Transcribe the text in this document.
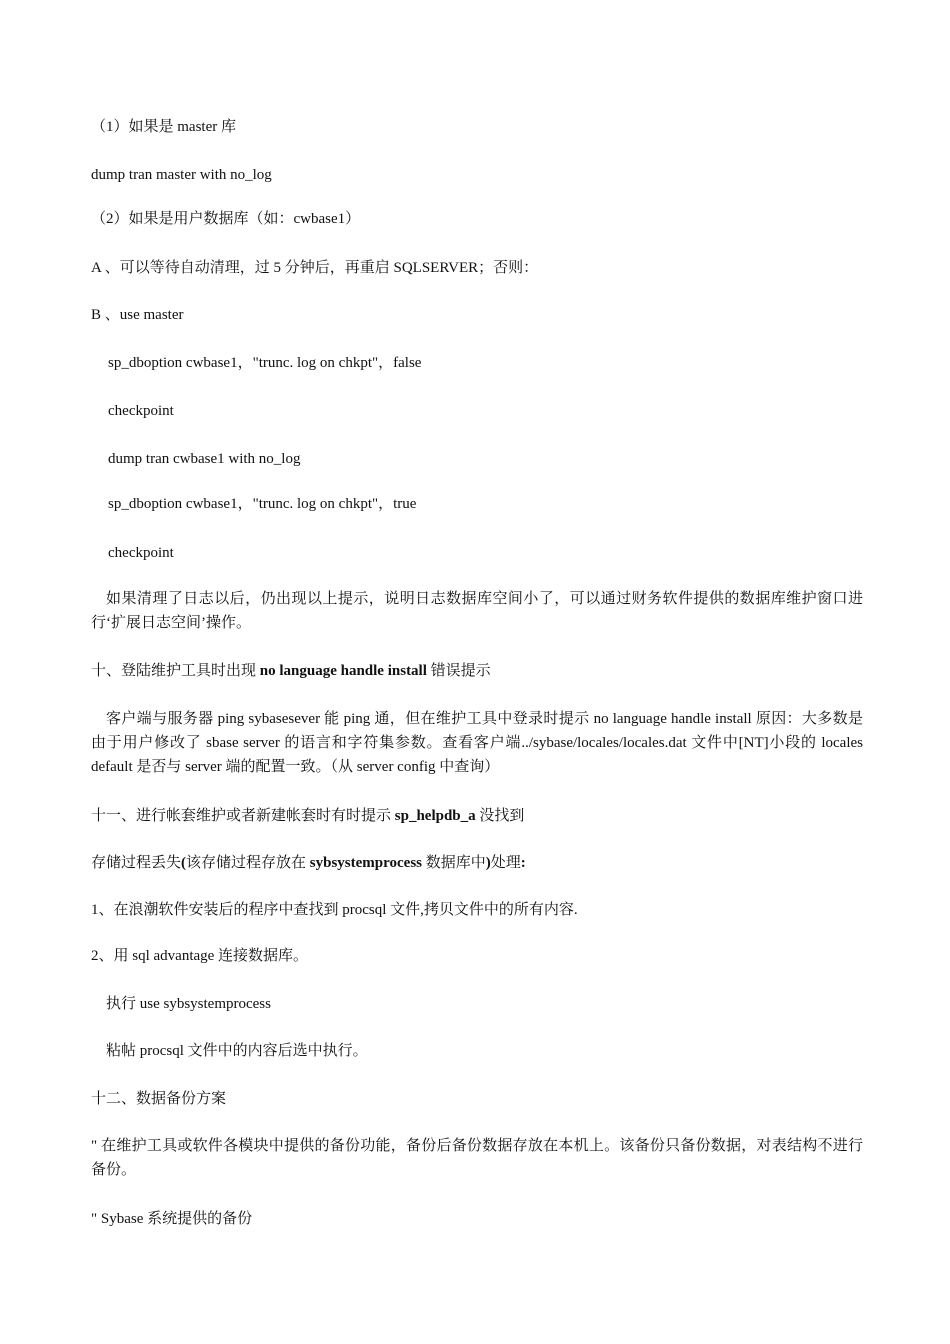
（1）如果是 master 库
dump tran master with no_log
（2）如果是用户数据库（如：cwbase1）
A 、可以等待自动清理，过 5 分钟后，再重启 SQLSERVER；否则：
B 、use master
sp_dboption cwbase1，"trunc. log on chkpt"，false
checkpoint
dump tran cwbase1 with no_log
sp_dboption cwbase1，"trunc. log on chkpt"，true
checkpoint
如果清理了日志以后，仍出现以上提示，说明日志数据库空间小了，可以通过财务软件提供的数据库维护窗口进行‘扩展日志空间’操作。
十、登陆维护工具时出现 no language handle install 错误提示
客户端与服务器 ping sybasesever 能 ping 通，但在维护工具中登录时提示 no language handle install 原因：大多数是由于用户修改了 sbase server 的语言和字符集参数。查看客户端../sybase/locales/locales.dat 文件中[NT]小段的 locales default 是否与 server 端的配置一致。（从 server config 中查询）
十一、进行帐套维护或者新建帐套时有时提示 sp_helpdb_a 没找到
存储过程丢失(该存储过程存放在 sybsystemprocess 数据库中)处理:
1、在浪潮软件安装后的程序中查找到 procsql 文件,拷贝文件中的所有内容.
2、用 sql advantage 连接数据库。
执行 use sybsystemprocess
粘帖 procsql 文件中的内容后选中执行。
十二、数据备份方案
" 在维护工具或软件各模块中提供的备份功能，备份后备份数据存放在本机上。该备份只备份数据，对表结构不进行备份。
" Sybase 系统提供的备份
